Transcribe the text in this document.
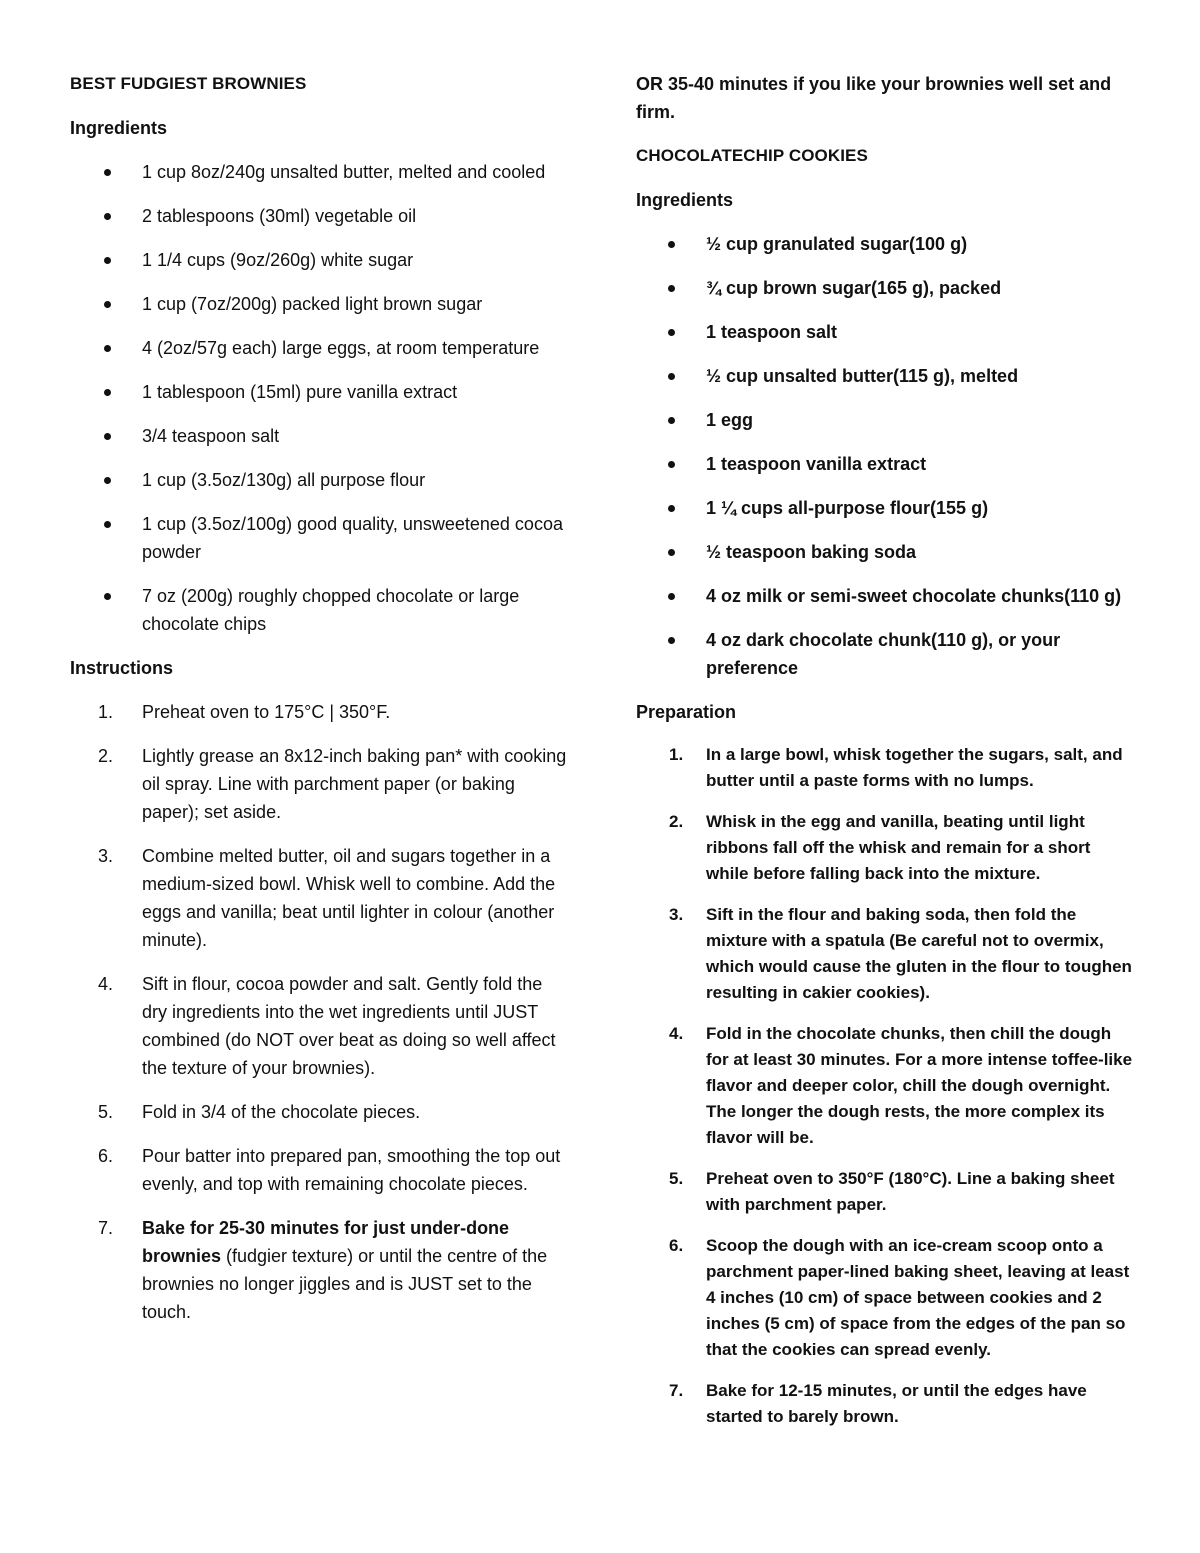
BEST FUDGIEST BROWNIES
Ingredients
1 cup 8oz/240g unsalted butter, melted and cooled
2 tablespoons (30ml) vegetable oil
1 1/4 cups (9oz/260g) white sugar
1 cup (7oz/200g) packed light brown sugar
4 (2oz/57g each) large eggs, at room temperature
1 tablespoon (15ml) pure vanilla extract
3/4 teaspoon salt
1 cup (3.5oz/130g) all purpose flour
1 cup (3.5oz/100g) good quality, unsweetened cocoa powder
7 oz (200g) roughly chopped chocolate or large chocolate chips
Instructions
1.	Preheat oven to 175°C | 350°F.
2.	Lightly grease an 8x12-inch baking pan* with cooking oil spray. Line with parchment paper (or baking paper); set aside.
3.	Combine melted butter, oil and sugars together in a medium-sized bowl. Whisk well to combine. Add the eggs and vanilla; beat until lighter in colour (another minute).
4.	Sift in flour, cocoa powder and salt. Gently fold the dry ingredients into the wet ingredients until JUST combined (do NOT over beat as doing so well affect the texture of your brownies).
5.	Fold in 3/4 of the chocolate pieces.
6.	Pour batter into prepared pan, smoothing the top out evenly, and top with remaining chocolate pieces.
7.	Bake for 25-30 minutes for just under-done brownies (fudgier texture) or until the centre of the brownies no longer jiggles and is JUST set to the touch.
OR 35-40 minutes if you like your brownies well set and firm.
CHOCOLATECHIP COOKIES
Ingredients
½ cup granulated sugar(100 g)
¾ cup brown sugar(165 g), packed
1 teaspoon salt
½ cup unsalted butter(115 g), melted
1 egg
1 teaspoon vanilla extract
1 ¼ cups all-purpose flour(155 g)
½ teaspoon baking soda
4 oz milk or semi-sweet chocolate chunks(110 g)
4 oz dark chocolate chunk(110 g), or your preference
Preparation
1.	In a large bowl, whisk together the sugars, salt, and butter until a paste forms with no lumps.
2.	Whisk in the egg and vanilla, beating until light ribbons fall off the whisk and remain for a short while before falling back into the mixture.
3.	Sift in the flour and baking soda, then fold the mixture with a spatula (Be careful not to overmix, which would cause the gluten in the flour to toughen resulting in cakier cookies).
4.	Fold in the chocolate chunks, then chill the dough for at least 30 minutes. For a more intense toffee-like flavor and deeper color, chill the dough overnight. The longer the dough rests, the more complex its flavor will be.
5.	Preheat oven to 350°F (180°C). Line a baking sheet with parchment paper.
6.	Scoop the dough with an ice-cream scoop onto a parchment paper-lined baking sheet, leaving at least 4 inches (10 cm) of space between cookies and 2 inches (5 cm) of space from the edges of the pan so that the cookies can spread evenly.
7.	Bake for 12-15 minutes, or until the edges have started to barely brown.
